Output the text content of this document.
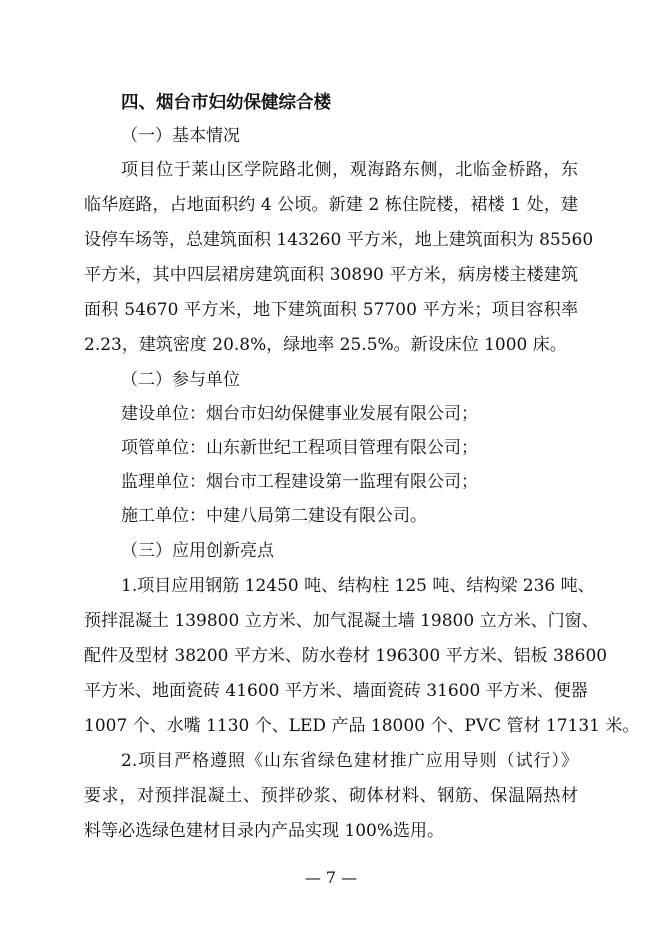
四、烟台市妇幼保健综合楼
（一）基本情况
项目位于莱山区学院路北侧，观海路东侧，北临金桥路，东
临华庭路，占地面积约 4 公顷。新建 2 栋住院楼，裙楼 1 处，建
设停车场等，总建筑面积 143260 平方米，地上建筑面积为 85560
平方米，其中四层裙房建筑面积 30890 平方米，病房楼主楼建筑
面积 54670 平方米，地下建筑面积 57700 平方米；项目容积率
2.23，建筑密度 20.8%，绿地率 25.5%。新设床位 1000 床。
（二）参与单位
建设单位：烟台市妇幼保健事业发展有限公司；
项管单位：山东新世纪工程项目管理有限公司；
监理单位：烟台市工程建设第一监理有限公司；
施工单位：中建八局第二建设有限公司。
（三）应用创新亮点
1.项目应用钢筋 12450 吨、结构柱 125 吨、结构梁 236 吨、
预拌混凝土 139800 立方米、加气混凝土墙 19800 立方米、门窗、
配件及型材 38200 平方米、防水卷材 196300 平方米、铝板 38600
平方米、地面瓷砖 41600 平方米、墙面瓷砖 31600 平方米、便器
1007 个、水嘴 1130 个、LED 产品 18000 个、PVC 管材 17131 米。
2.项目严格遵照《山东省绿色建材推广应用导则（试行）》
要求，对预拌混凝土、预拌砂浆、砌体材料、钢筋、保温隔热材
料等必选绿色建材目录内产品实现 100%选用。
— 7 —
